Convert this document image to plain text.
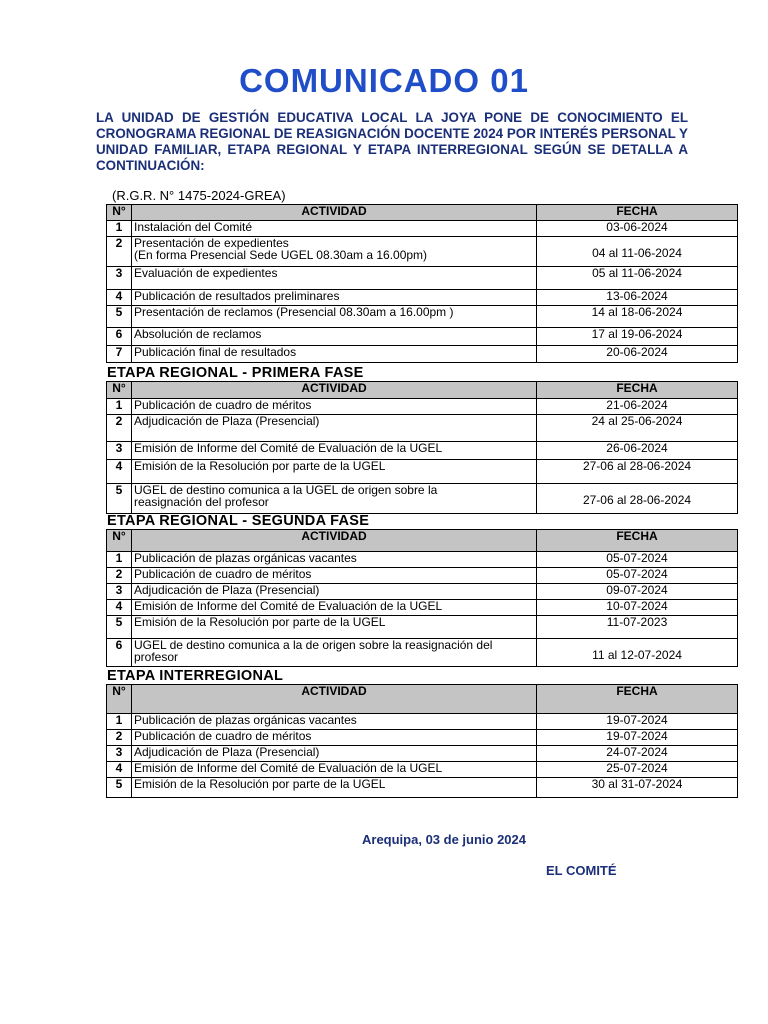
COMUNICADO 01
LA UNIDAD DE GESTIÓN EDUCATIVA LOCAL LA JOYA PONE DE CONOCIMIENTO EL CRONOGRAMA REGIONAL DE REASIGNACIÓN DOCENTE 2024 POR INTERÉS PERSONAL Y UNIDAD FAMILIAR, ETAPA REGIONAL Y ETAPA INTERREGIONAL SEGÚN SE DETALLA A CONTINUACIÓN:
(R.G.R. N° 1475-2024-GREA)
N°	ACTIVIDAD	FECHA
1	Instalación del Comité	03-06-2024

2	Presentación de expedientes
(En forma Presencial Sede UGEL 08.30am a 16.00pm)	04 al 11-06-2024

3	Evaluación de expedientes	05 al 11-06-2024

4	Publicación de resultados preliminares	13-06-2024

5	Presentación de reclamos (Presencial 08.30am a 16.00pm )	14 al 18-06-2024

6	Absolución de reclamos	17 al 19-06-2024

7	Publicación final de resultados	20-06-2024
ETAPA REGIONAL - PRIMERA FASE
N°	ACTIVIDAD	FECHA
1	Publicación de cuadro de méritos	21-06-2024

2	Adjudicación de Plaza (Presencial)	24 al 25-06-2024

3	Emisión de Informe del Comité de Evaluación de la UGEL	26-06-2024

4	Emisión de la Resolución por parte de la UGEL	27-06 al 28-06-2024

5	UGEL de destino comunica a la UGEL de origen sobre la
reasignación del profesor	27-06 al 28-06-2024
ETAPA REGIONAL - SEGUNDA FASE
N°	ACTIVIDAD	FECHA
1	Publicación de plazas orgánicas vacantes	05-07-2024

2	Publicación de cuadro de méritos	05-07-2024

3	Adjudicación de Plaza (Presencial)	09-07-2024

4	Emisión de Informe del Comité de Evaluación de la UGEL	10-07-2024

5	Emisión de la Resolución por parte de la UGEL	11-07-2023

6	UGEL de destino comunica a la de origen sobre la reasignación del
profesor	11 al 12-07-2024
ETAPA INTERREGIONAL
N°	ACTIVIDAD	FECHA
1	Publicación de plazas orgánicas vacantes	19-07-2024

2	Publicación de cuadro de méritos	19-07-2024

3	Adjudicación de Plaza (Presencial)	24-07-2024

4	Emisión de Informe del Comité de Evaluación de la UGEL	25-07-2024

5	Emisión de la Resolución por parte de la UGEL	30 al 31-07-2024
Arequipa, 03 de junio 2024
EL COMITÉ
